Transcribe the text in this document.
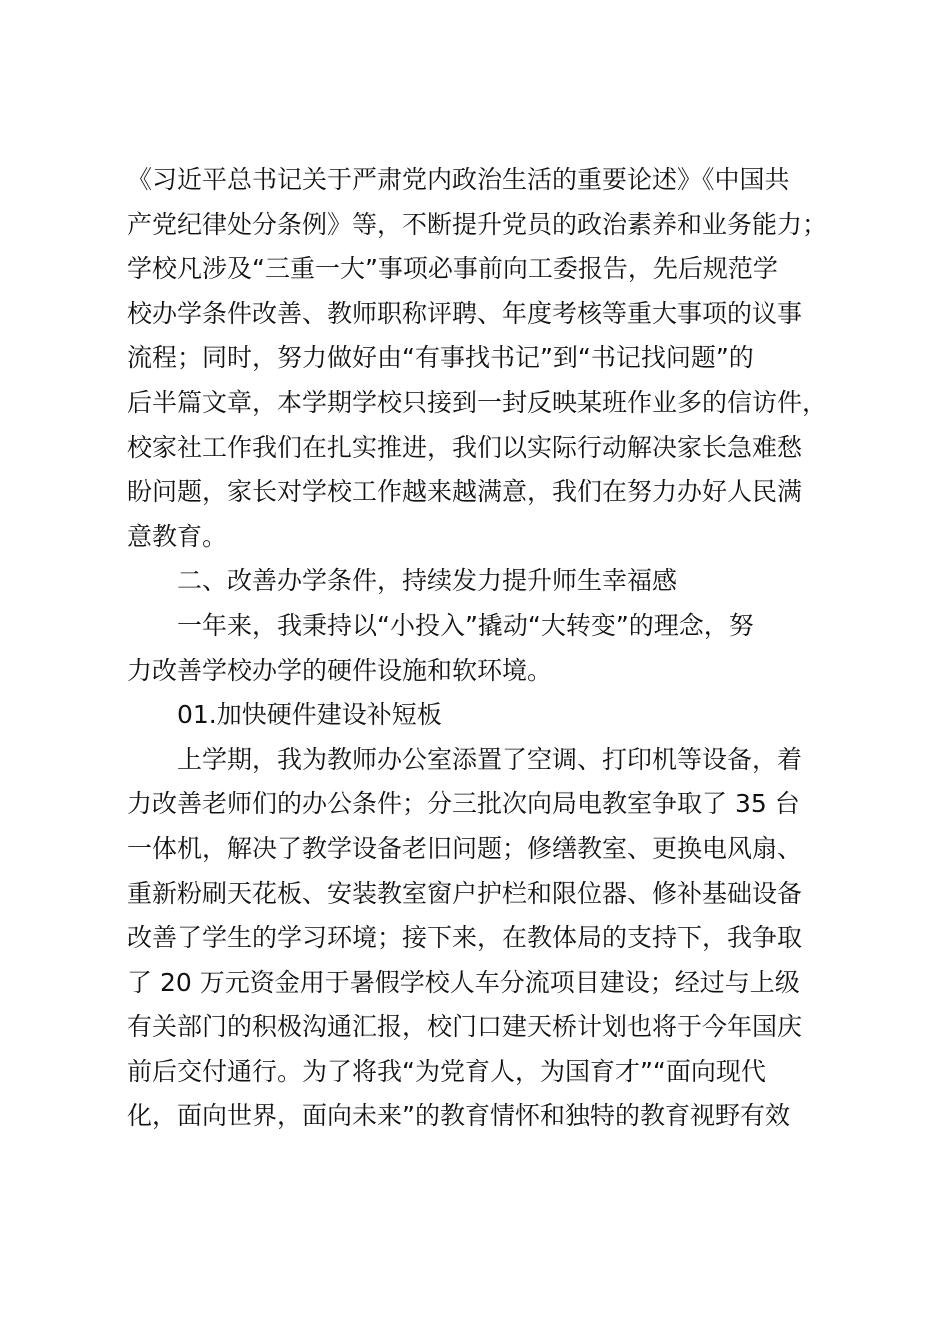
《习近平总书记关于严肃党内政治生活的重要论述》《中国共
产党纪律处分条例》等，不断提升党员的政治素养和业务能力；
学校凡涉及“三重一大”事项必事前向工委报告，先后规范学
校办学条件改善、教师职称评聘、年度考核等重大事项的议事
流程；同时，努力做好由“有事找书记”到“书记找问题”的
后半篇文章，本学期学校只接到一封反映某班作业多的信访件，
校家社工作我们在扎实推进，我们以实际行动解决家长急难愁
盼问题，家长对学校工作越来越满意，我们在努力办好人民满
意教育。
二、改善办学条件，持续发力提升师生幸福感
一年来，我秉持以“小投入”撬动“大转变”的理念，努
力改善学校办学的硬件设施和软环境。
01.加快硬件建设补短板
上学期，我为教师办公室添置了空调、打印机等设备，着
力改善老师们的办公条件；分三批次向局电教室争取了 35 台
一体机，解决了教学设备老旧问题；修缮教室、更换电风扇、
重新粉刷天花板、安装教室窗户护栏和限位器、修补基础设备
改善了学生的学习环境；接下来，在教体局的支持下，我争取
了 20 万元资金用于暑假学校人车分流项目建设；经过与上级
有关部门的积极沟通汇报，校门口建天桥计划也将于今年国庆
前后交付通行。为了将我“为党育人，为国育才”“面向现代
化，面向世界，面向未来”的教育情怀和独特的教育视野有效
